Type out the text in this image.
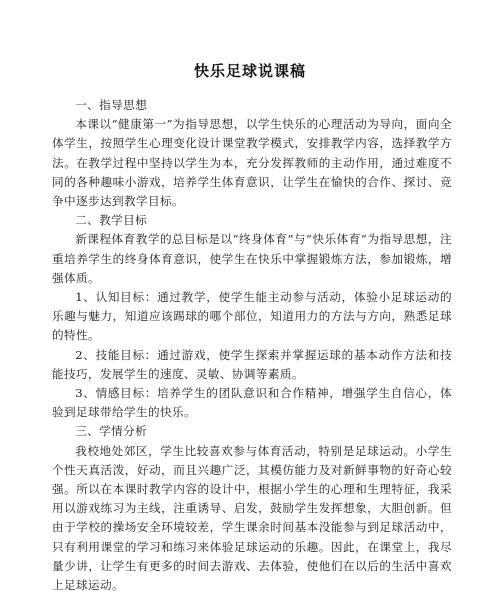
快乐足球说课稿

一、指导思想

本课以“健康第一”为指导思想，以学生快乐的心理活动为导向，面向全体学生，按照学生心理变化设计课堂教学模式，安排教学内容，选择教学方法。在教学过程中坚持以学生为本，充分发挥教师的主动作用，通过难度不同的各种趣味小游戏，培养学生体育意识，让学生在愉快的合作、探讨、竞争中逐步达到教学目标。

二、教学目标

新课程体育教学的总目标是以“终身体育”与“快乐体育”为指导思想，注重培养学生的终身体育意识，使学生在快乐中掌握锻炼方法，参加锻炼，增强体质。

1、认知目标：通过教学，使学生能主动参与活动，体验小足球运动的乐趣与魅力，知道应该踢球的哪个部位，知道用力的方法与方向，熟悉足球的特性。

2、技能目标：通过游戏，使学生探索并掌握运球的基本动作方法和技能技巧，发展学生的速度、灵敏、协调等素质。

3、情感目标：培养学生的团队意识和合作精神，增强学生自信心，体验到足球带给学生的快乐。

三、学情分析

我校地处郊区，学生比较喜欢参与体育活动，特别是足球运动。小学生个性天真活泼，好动，而且兴趣广泛，其模仿能力及对新鲜事物的好奇心较强。所以在本课时教学内容的设计中，根据小学生的心理和生理特征，我采用以游戏练习为主线，注重诱导、启发，鼓励学生发挥想象，大胆创新。但由于学校的操场安全环境较差，学生课余时间基本没能参与到足球活动中，只有利用课堂的学习和练习来体验足球运动的乐趣。因此，在课堂上，我尽量少讲，让学生有更多的时间去游戏、去体验，使他们在以后的生活中喜欢上足球运动。
